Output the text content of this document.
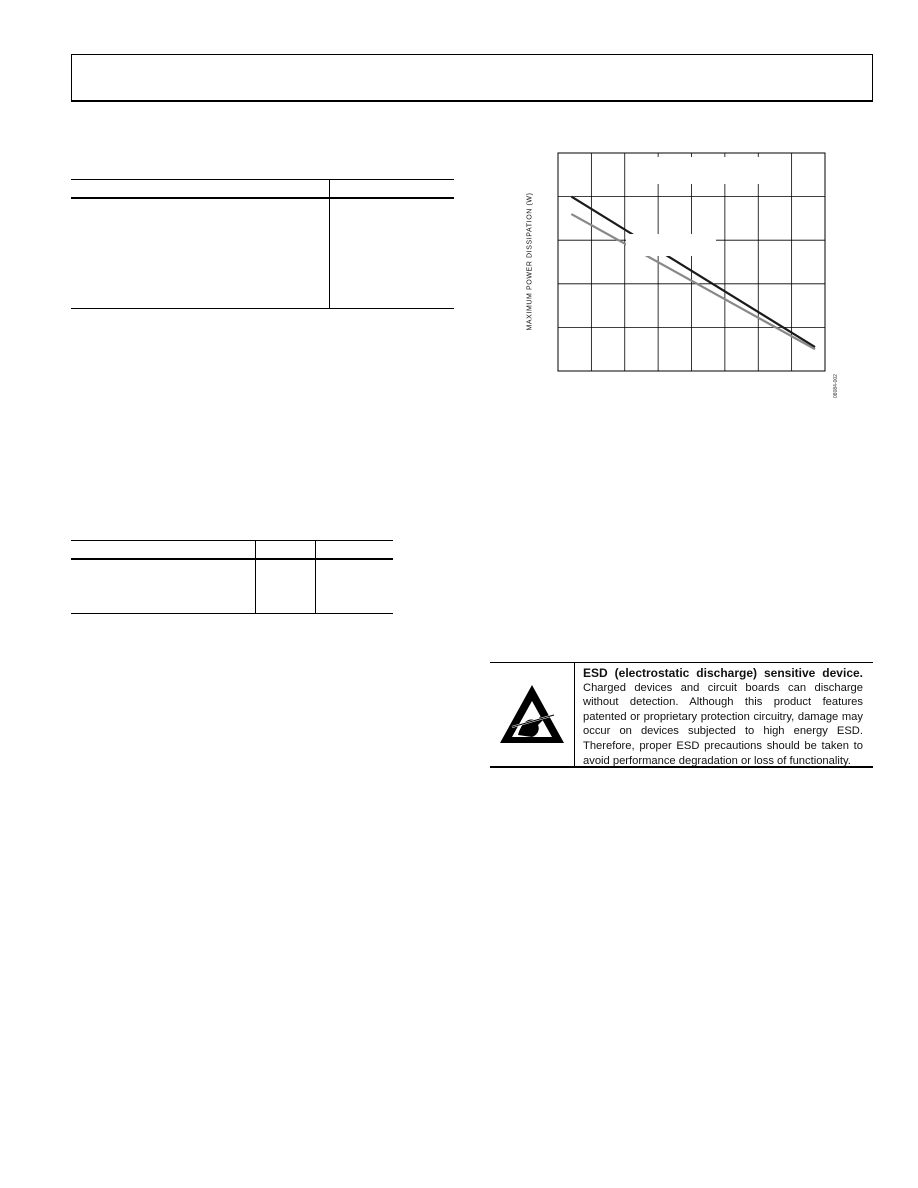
MAXIMUM POWER DISSIPATION (W)
08084-002
ESD (electrostatic discharge) sensitive device.
Charged devices and circuit boards can discharge without detection. Although this product features patented or proprietary protection circuitry, damage may occur on devices subjected to high energy ESD. Therefore, proper ESD precautions should be taken to avoid performance degradation or loss of functionality.
